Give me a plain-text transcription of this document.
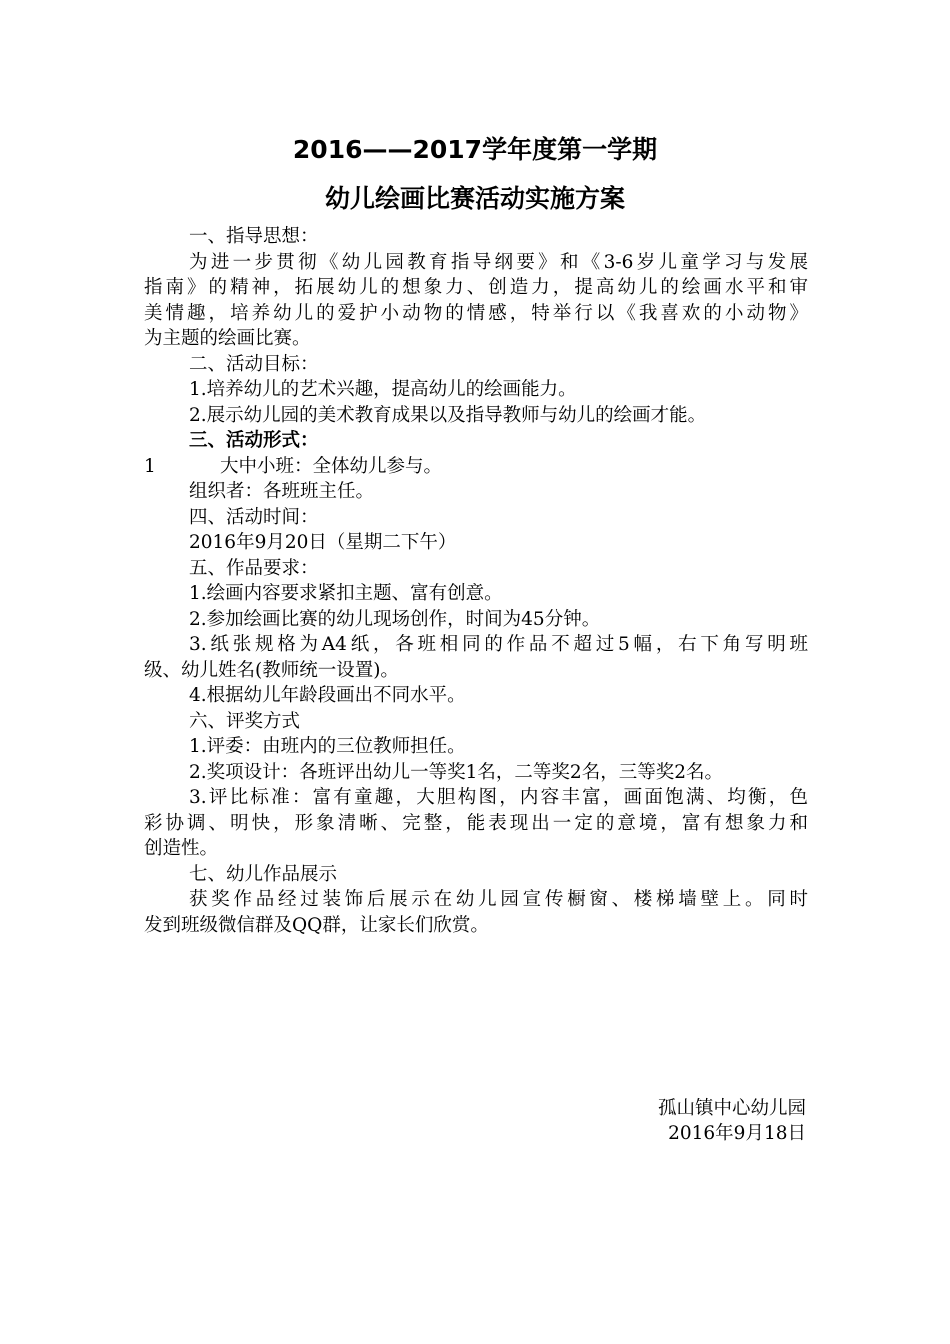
2016——2017学年度第一学期
幼儿绘画比赛活动实施方案
一、指导思想：
为进一步贯彻《幼儿园教育指导纲要》和《3-6岁儿童学习与发展
指南》的精神，拓展幼儿的想象力、创造力，提高幼儿的绘画水平和审
美情趣，培养幼儿的爱护小动物的情感，特举行以《我喜欢的小动物》
为主题的绘画比赛。
二、活动目标：
1.培养幼儿的艺术兴趣，提高幼儿的绘画能力。
2.展示幼儿园的美术教育成果以及指导教师与幼儿的绘画才能。
三、活动形式：
1	大中小班：全体幼儿参与。
组织者：各班班主任。
四、活动时间：
2016年9月20日（星期二下午）
五、作品要求：
1.绘画内容要求紧扣主题、富有创意。
2.参加绘画比赛的幼儿现场创作，时间为45分钟。
3.纸张规格为A4纸，各班相同的作品不超过5幅，右下角写明班
级、幼儿姓名(教师统一设置)。
4.根据幼儿年龄段画出不同水平。
六、评奖方式
1.评委：由班内的三位教师担任。
2.奖项设计：各班评出幼儿一等奖1名，二等奖2名，三等奖2名。
3.评比标准：富有童趣，大胆构图，内容丰富，画面饱满、均衡，色
彩协调、明快，形象清晰、完整，能表现出一定的意境，富有想象力和
创造性。
七、幼儿作品展示
获奖作品经过装饰后展示在幼儿园宣传橱窗、楼梯墙壁上。同时
发到班级微信群及QQ群，让家长们欣赏。
孤山镇中心幼儿园
2016年9月18日
